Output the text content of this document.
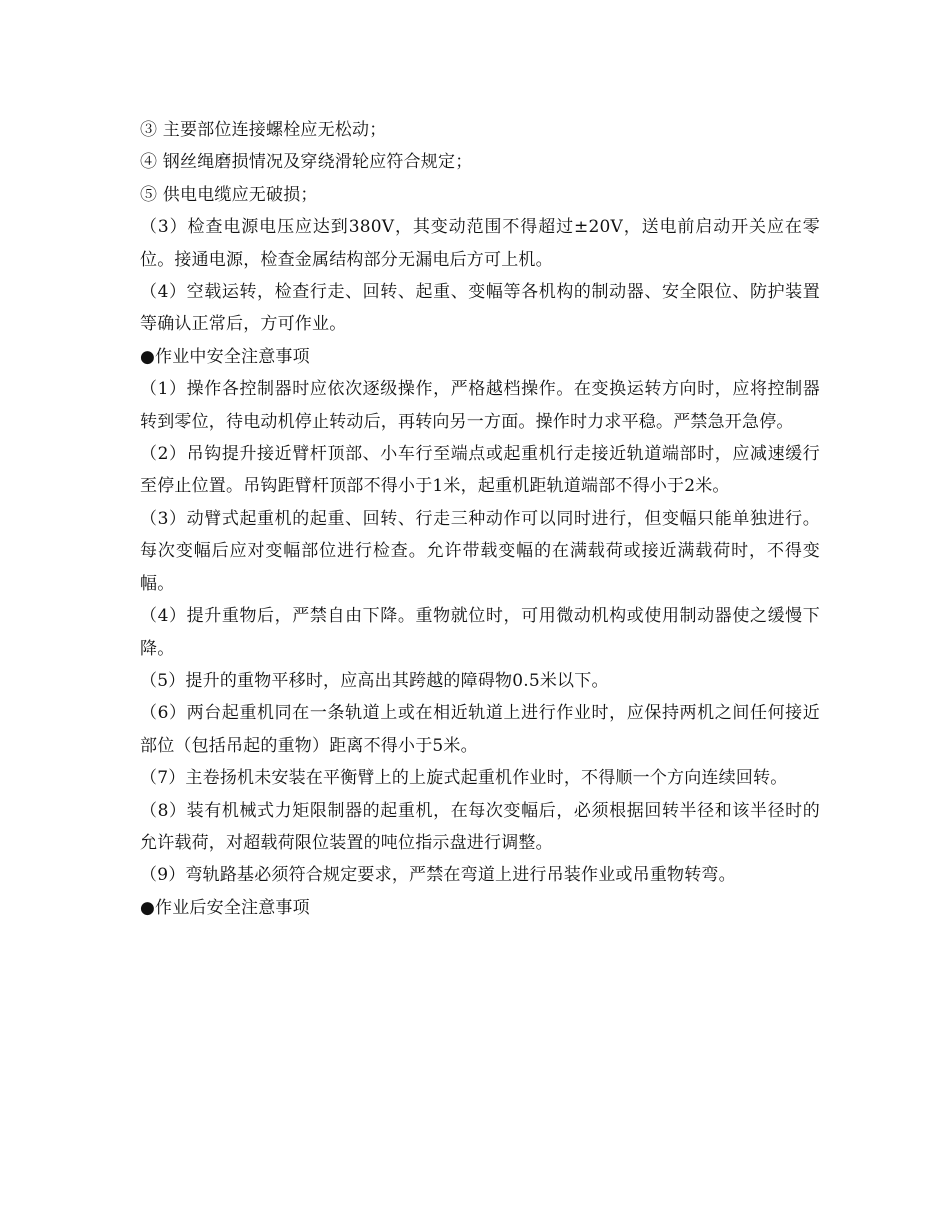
③ 主要部位连接螺栓应无松动；

④ 钢丝绳磨损情况及穿绕滑轮应符合规定；

⑤ 供电电缆应无破损；

（3）检查电源电压应达到380V，其变动范围不得超过±20V，送电前启动开关应在零位。接通电源，检查金属结构部分无漏电后方可上机。

（4）空载运转，检查行走、回转、起重、变幅等各机构的制动器、安全限位、防护装置等确认正常后，方可作业。

●作业中安全注意事项

（1）操作各控制器时应依次逐级操作，严格越档操作。在变换运转方向时，应将控制器转到零位，待电动机停止转动后，再转向另一方面。操作时力求平稳。严禁急开急停。

（2）吊钩提升接近臂杆顶部、小车行至端点或起重机行走接近轨道端部时，应减速缓行至停止位置。吊钩距臂杆顶部不得小于1米，起重机距轨道端部不得小于2米。

（3）动臂式起重机的起重、回转、行走三种动作可以同时进行，但变幅只能单独进行。每次变幅后应对变幅部位进行检查。允许带载变幅的在满载荷或接近满载荷时，不得变幅。

（4）提升重物后，严禁自由下降。重物就位时，可用微动机构或使用制动器使之缓慢下降。

（5）提升的重物平移时，应高出其跨越的障碍物0.5米以下。

（6）两台起重机同在一条轨道上或在相近轨道上进行作业时，应保持两机之间任何接近部位（包括吊起的重物）距离不得小于5米。

（7）主卷扬机未安装在平衡臂上的上旋式起重机作业时，不得顺一个方向连续回转。

（8）装有机械式力矩限制器的起重机，在每次变幅后，必须根据回转半径和该半径时的允许载荷，对超载荷限位装置的吨位指示盘进行调整。

（9）弯轨路基必须符合规定要求，严禁在弯道上进行吊装作业或吊重物转弯。

●作业后安全注意事项
